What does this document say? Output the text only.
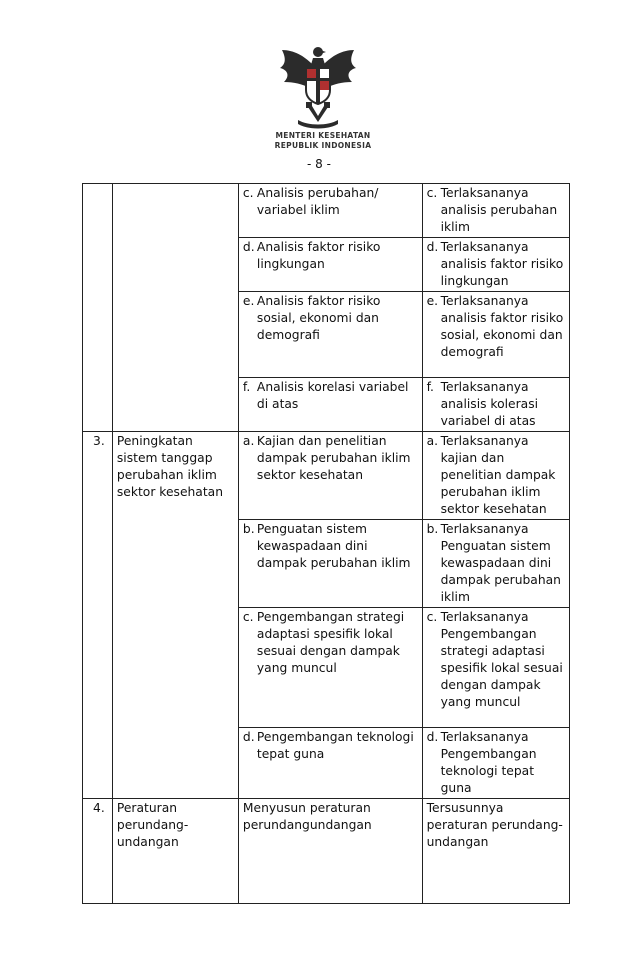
MENTERI KESEHATAN
REPUBLIK INDONESIA
- 8 -

		c. Analisis perubahan/ variabel iklim	c. Terlaksananya analisis perubahan iklim

		d. Analisis faktor risiko lingkungan	d. Terlaksananya analisis faktor risiko lingkungan

		e. Analisis faktor risiko sosial, ekonomi dan demografi	e. Terlaksananya analisis faktor risiko sosial, ekonomi dan demografi

		f. Analisis korelasi variabel di atas	f. Terlaksananya analisis kolerasi variabel di atas

3.	Peningkatan sistem tanggap perubahan iklim sektor kesehatan	a. Kajian dan penelitian dampak perubahan iklim sektor kesehatan	a. Terlaksananya kajian dan penelitian dampak perubahan iklim sektor kesehatan

		b. Penguatan sistem kewaspadaan dini dampak perubahan iklim	b. Terlaksananya Penguatan sistem kewaspadaan dini dampak perubahan iklim

		c. Pengembangan strategi adaptasi spesifik lokal sesuai dengan dampak yang muncul	c. Terlaksananya Pengembangan strategi adaptasi spesifik lokal sesuai dengan dampak yang muncul

		d. Pengembangan teknologi tepat guna	d. Terlaksananya Pengembangan teknologi tepat guna

4.	Peraturan perundang-undangan	Menyusun peraturan perundangundangan	Tersusunnya peraturan perundang-undangan
